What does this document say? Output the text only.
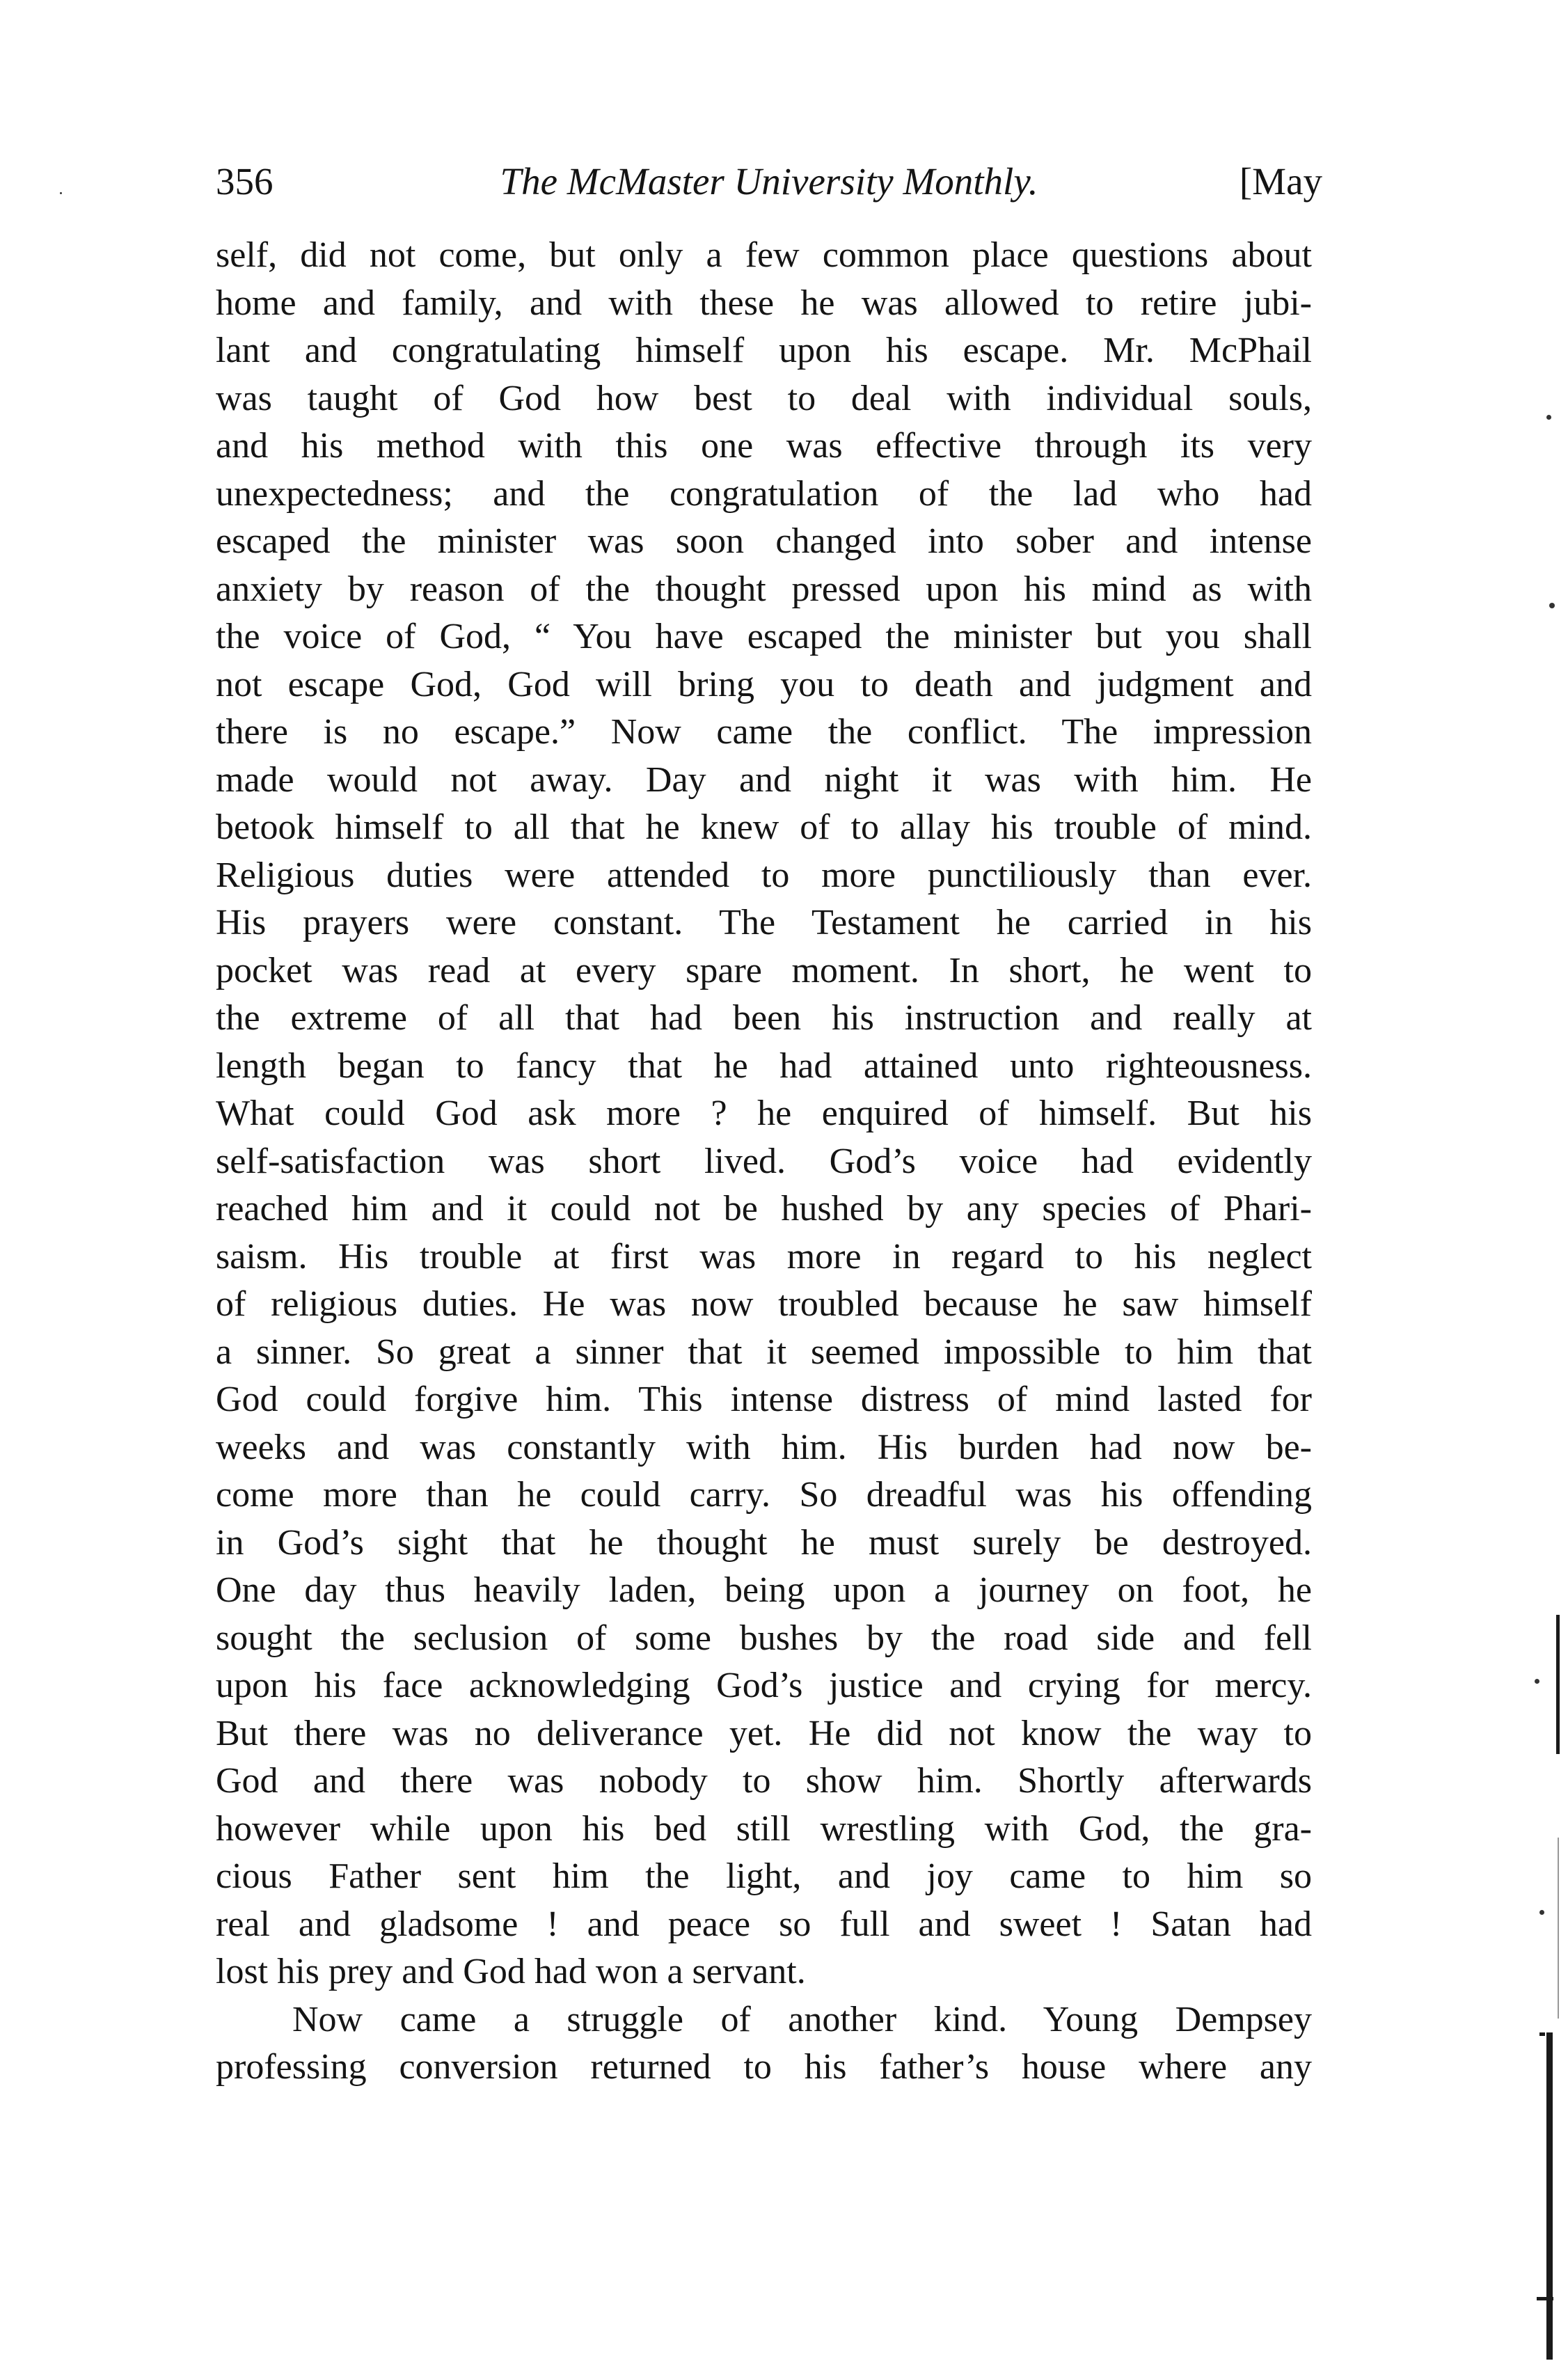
356	The McMaster University Monthly.	[May
self, did not come, but only a few common place questions about
home and family, and with these he was allowed to retire jubi-
lant and congratulating himself upon his escape. Mr. McPhail
was taught of God how best to deal with individual souls,
and his method with this one was effective through its very
unexpectedness; and the congratulation of the lad who had
escaped the minister was soon changed into sober and intense
anxiety by reason of the thought pressed upon his mind as with
the voice of God, “ You have escaped the minister but you shall
not escape God, God will bring you to death and judgment and
there is no escape.” Now came the conflict. The impression
made would not away. Day and night it was with him. He
betook himself to all that he knew of to allay his trouble of mind.
Religious duties were attended to more punctiliously than ever.
His prayers were constant. The Testament he carried in his
pocket was read at every spare moment. In short, he went to
the extreme of all that had been his instruction and really at
length began to fancy that he had attained unto righteousness.
What could God ask more ? he enquired of himself. But his
self-satisfaction was short lived. God’s voice had evidently
reached him and it could not be hushed by any species of Phari-
saism. His trouble at first was more in regard to his neglect
of religious duties. He was now troubled because he saw himself
a sinner. So great a sinner that it seemed impossible to him that
God could forgive him. This intense distress of mind lasted for
weeks and was constantly with him. His burden had now be-
come more than he could carry. So dreadful was his offending
in God’s sight that he thought he must surely be destroyed.
One day thus heavily laden, being upon a journey on foot, he
sought the seclusion of some bushes by the road side and fell
upon his face acknowledging God’s justice and crying for mercy.
But there was no deliverance yet. He did not know the way to
God and there was nobody to show him. Shortly afterwards
however while upon his bed still wrestling with God, the gra-
cious Father sent him the light, and joy came to him so
real and gladsome ! and peace so full and sweet ! Satan had
lost his prey and God had won a servant.
Now came a struggle of another kind. Young Dempsey
professing conversion returned to his father’s house where any
